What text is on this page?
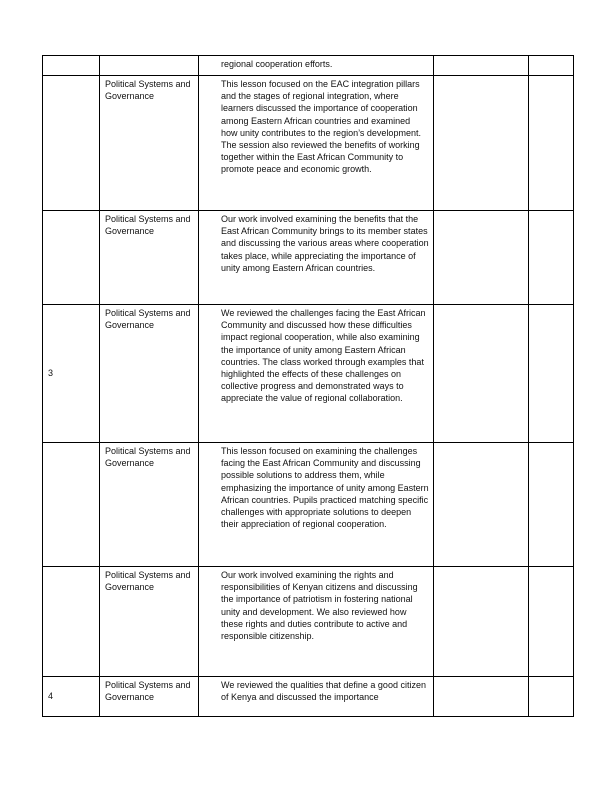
		regional cooperation efforts.		
	Political Systems and Governance	This lesson focused on the EAC integration pillars and the stages of regional integration, where learners discussed the importance of cooperation among Eastern African countries and examined how unity contributes to the region’s development. The session also reviewed the benefits of working together within the East African Community to promote peace and economic growth.		
	Political Systems and Governance	Our work involved examining the benefits that the East African Community brings to its member states and discussing the various areas where cooperation takes place, while appreciating the importance of unity among Eastern African countries.		
3	Political Systems and Governance	We reviewed the challenges facing the East African Community and discussed how these difficulties impact regional cooperation, while also examining the importance of unity among Eastern African countries. The class worked through examples that highlighted the effects of these challenges on collective progress and demonstrated ways to appreciate the value of regional collaboration.		
	Political Systems and Governance	This lesson focused on examining the challenges facing the East African Community and discussing possible solutions to address them, while emphasizing the importance of unity among Eastern African countries. Pupils practiced matching specific challenges with appropriate solutions to deepen their appreciation of regional cooperation.		
	Political Systems and Governance	Our work involved examining the rights and responsibilities of Kenyan citizens and discussing the importance of patriotism in fostering national unity and development. We also reviewed how these rights and duties contribute to active and responsible citizenship.		
4	Political Systems and Governance	We reviewed the qualities that define a good citizen of Kenya and discussed the importance		
